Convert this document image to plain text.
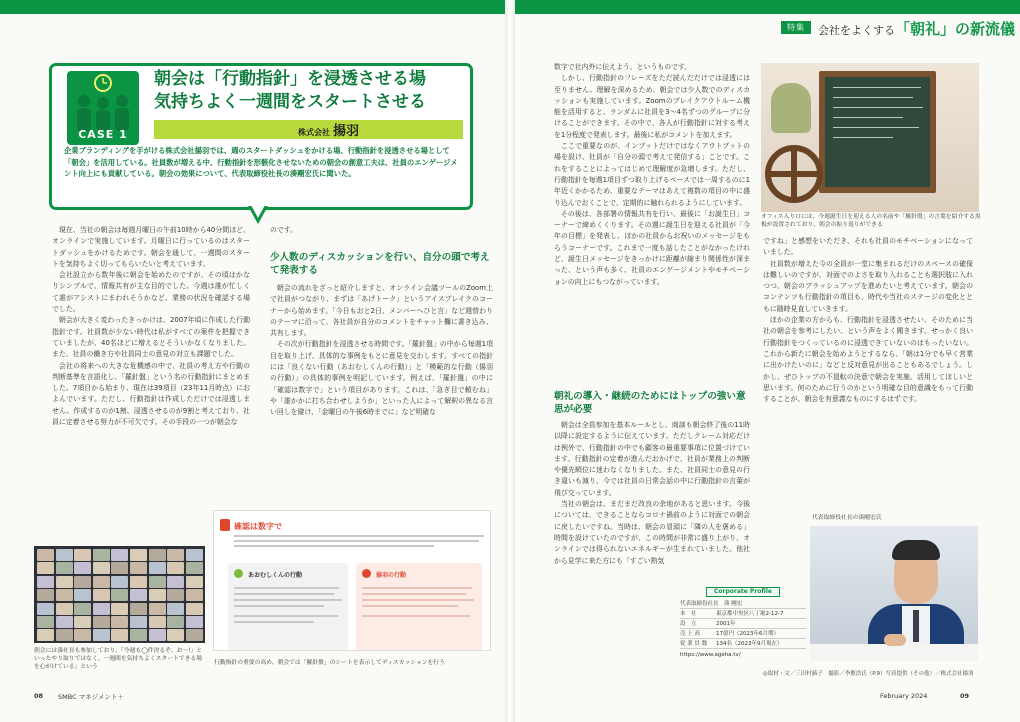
特集	会社をよくする「朝礼」の新流儀
CASE 1
朝会は「行動指針」を浸透させる場
気持ちよく一週間をスタートさせる
株式会社 揚羽
企業ブランディングを手がける株式会社揚羽では、週のスタートダッシュをかける場、行動指針を浸透させる場として「朝会」を活用している。社員数が増える中、行動指針を形骸化させないための朝会の創意工夫は、社員のエンゲージメント向上にも貢献している。朝会の効果について、代表取締役社長の湊剛宏氏に聞いた。

現在、当社の朝会は毎週月曜日の午前10時から40分間ほど、オンラインで実施しています。月曜日に行っているのはスタートダッシュをかけるためです。朝会を通して、一週間のスタートを気持ちよく切ってもらいたいと考えています。

会社設立から数年後に朝会を始めたのですが、その頃はかなりシンプルで、情報共有が主な目的でした。今週は誰が忙しくて誰がアシストにまわれそうかなど、業務の状況を確認する場でした。

朝会が大きく変わったきっかけは、2007年頃に作成した行動指針です。社員数が少ない時代は私がすべての案件を把握できていましたが、40名ほどに増えるとそういかなくなりました。また、社員の働き方や社員同士の意見の対立も課題でした。

会社の将来への大きな危機感の中で、社員の考え方や行動の判断基準を言語化し、「羅針盤」という名の行動指針にまとめました。7項目から始まり、現在は39項目（23年11月時点）におよんでいます。ただし、行動指針は作成しただけでは浸透しません。作成するのが1割、浸透させるのが9割と考えており、社員に定着させる努力が不可欠です。その手段の一つが朝会な

のです。

少人数のディスカッションを行い、自分の頭で考えて発表する

朝会の流れをざっと紹介しますと、オンライン会議ツールのZoom上で社員がつながり、まずは「あげトーク」というアイスブレイクのコーナーから始めます。「今日もおと2日、メンバーへひと言」など週替わりのテーマに沿って、各社員が自分のコメントをチャット欄に書き込み、共有します。

その次が行動指針を浸透させる時間です。「羅針盤」の中から毎週1項目を取り上げ、具体的な事例をもとに意見を交わします。すべての指針には「良くない行動（あおむしくんの行動）」と「模範的な行動（揚羽の行動）」の具体的事例を明記しています。例えば、「羅針盤」の中に「確認は数字で」という項目があります。これは、「急ぎ目で頼むね」や「誰かかに打ち合わせしようか」といった人によって解釈の異なる言い回しを避け、「金曜日の午後6時までに」など明確な

朝会には湊社長も参加しており、「今週も◯件決るぞ、お〜!」といったやり取りではなく、一週間を気持ちよくスタートできる場を心がけている」という
確認は数字で
あおむしくんの行動	揚羽の行動
行動指針の重要の高め、朝会では「羅針盤」のシートを表示してディスカッションを行う

数字で社内外に伝えよう、というものです。

しかし、行動指針のフレーズをただ読んだだけでは浸透には至りません。理解を深めるため、朝会では少人数でのディスカッションも実施しています。Zoomのブレイクアウトルーム機能を活用すると、ランダムに社員を3〜4名ずつのグループに分けることができます。その中で、各人が行動指針に対する考えを1分程度で発表します。最後に私がコメントを加えます。

ここで重要なのが、インプットだけではなくアウトプットの場を設け、社員が「自分の頭で考えて発信する」ことです。これをすることによってはじめて理解度が急増します。ただし、行動指針を毎週1項目ずつ取り上げるペースでは一周するのに1年近くかかるため、重要なテーマはあえて複数の項目の中に盛り込んでおくことで、定期的に触れられるようにしています。

その後は、各部署の情報共有を行い、最後に「お誕生日」コーナーで締めくくります。その週に誕生日を迎える社員が「今年の目標」を発表し、ほかの社員からお祝いのメッセージをもらうコーナーです。これまで一度も話したことがなかったけれど、誕生日メッセージをきっかけに距離が縮まり関係性が深まった、という声も多く、社員のエンゲージメントやモチベーションの向上にもつながっています。

朝礼の導入・継続のためにはトップの強い意思が必要

朝会は全員参加を基本ルールとし、商談も朝会終了後の11時以降に設定するように伝えています。ただしクレーム対応だけは例外で、行動指針の中でも顧客の最重要事項に位置づけています。行動指針の定着が進んだおかげで、社員が業務上の判断や優先順位に迷わなくなりました。また、社員同士の意見の行き違いも減り、今では社員の日常会話の中に行動指針の言葉が飛び交っています。

当社の朝会は、まだまだ改良の余地があると思います。今後については、できることならコロナ禍前のように対面での朝会に戻したいですね。当時は、朝会の冒頭に「隣の人を褒める」時間を設けていたのですが、この時間が非常に盛り上がり、オンラインでは得られないエネルギーが生まれていました。他社から見学に来た方にも「すごい熱気

オフィス入り口には、今週誕生日を迎える人の名前や「羅針盤」の言葉を紹介する黒板が設置されており、朝会の振り返りができる

ですね」と感想をいただき、それも社員のモチベーションになっていました。

社員数が増えた今の全員が一堂に集まれるだけのスペースの確保は難しいのですが、対面でのよさを取り入れることも選択肢に入れつつ、朝会のブラッシュアップを進めたいと考えています。朝会のコンテンツも行動指針の項目も、時代や当社のステージの変化とともに随時見直していきます。

ほかの企業の方からも、行動指針を浸透させたい、そのために当社の朝会を参考にしたい、という声をよく聞きます。せっかく良い行動指針をつくっているのに浸透できていないのはもったいない。これから新たに朝会を始めようとするなら、「朝は1分でも早く営業に出かけたいのに」などと反対意見が出ることもあるでしょう。しかし、ぜひトップの不退転の決意で朝会を実施、活用してほしいと思います。何のために行うのかという明確な目的意識をもって行動することが、朝会を有意義なものにするはずです。

代表取締役社長の湊剛宏氏
Corporate Profile
代表取締役社長　 湊 剛宏
本　社	東京都中央区八丁堀2-12-7
設　立	2001年
売 上 高	17億円（2023年6月期）
従 業 員 数 134名（2023年9月現在）
https://www.ageha.tv/
◎取材・文／三田村蕗子　撮影／李應浩氏（P.9）写真提供（その他）／株式会社揚羽
08 SMBC マネジメント＋	February 2024	09
